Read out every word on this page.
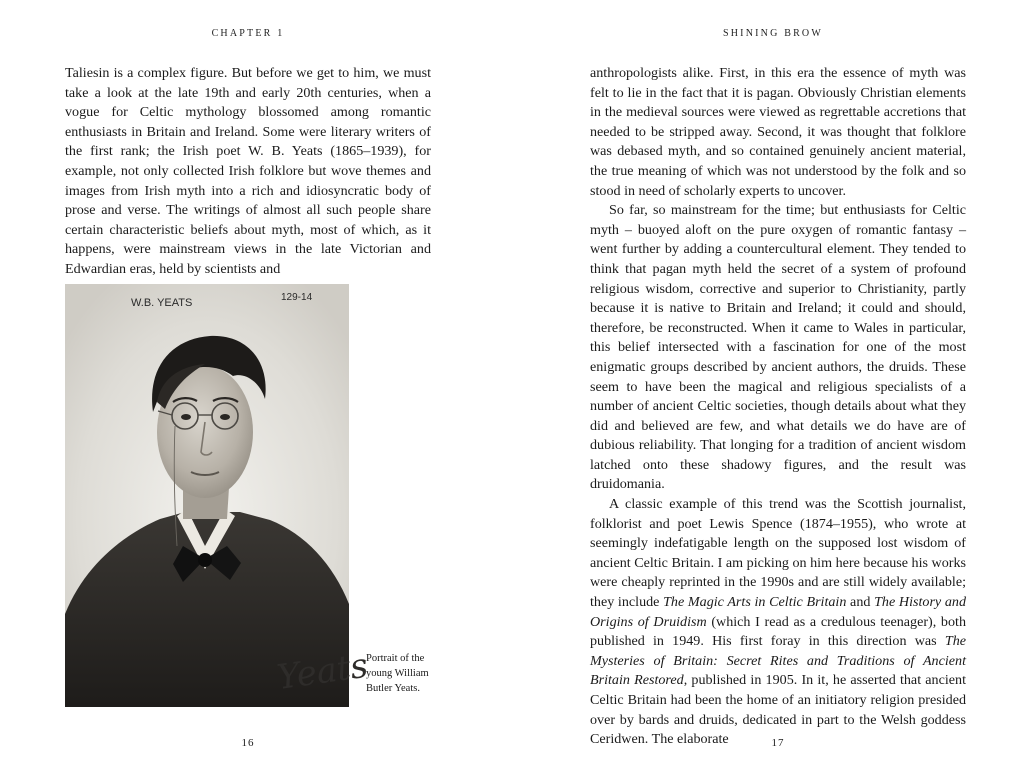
CHAPTER 1

Taliesin is a complex figure. But before we get to him, we must take a look at the late 19th and early 20th centuries, when a vogue for Celtic mythology blossomed among romantic enthusiasts in Britain and Ireland. Some were literary writers of the first rank; the Irish poet W. B. Yeats (1865–1939), for example, not only collected Irish folklore but wove themes and images from Irish myth into a rich and idiosyncratic body of prose and verse. The writings of almost all such people share certain characteristic beliefs about myth, most of which, as it happens, were mainstream views in the late Victorian and Edwardian eras, held by scientists and

W.B. YEATS	129-14
Yeats
Portrait of the young William Butler Yeats.
16
SHINING BROW

anthropologists alike. First, in this era the essence of myth was felt to lie in the fact that it is pagan. Obviously Christian elements in the medieval sources were viewed as regrettable accretions that needed to be stripped away. Second, it was thought that folklore was debased myth, and so contained genuinely ancient material, the true meaning of which was not understood by the folk and so stood in need of scholarly experts to uncover.

So far, so mainstream for the time; but enthusiasts for Celtic myth – buoyed aloft on the pure oxygen of romantic fantasy – went further by adding a countercultural element. They tended to think that pagan myth held the secret of a system of profound religious wisdom, corrective and superior to Christianity, partly because it is native to Britain and Ireland; it could and should, therefore, be reconstructed. When it came to Wales in particular, this belief intersected with a fascination for one of the most enigmatic groups described by ancient authors, the druids. These seem to have been the magical and religious specialists of a number of ancient Celtic societies, though details about what they did and believed are few, and what details we do have are of dubious reliability. That longing for a tradition of ancient wisdom latched onto these shadowy figures, and the result was druidomania.

A classic example of this trend was the Scottish journalist, folklorist and poet Lewis Spence (1874–1955), who wrote at seemingly indefatigable length on the supposed lost wisdom of ancient Celtic Britain. I am picking on him here because his works were cheaply reprinted in the 1990s and are still widely available; they include The Magic Arts in Celtic Britain and The History and Origins of Druidism (which I read as a credulous teenager), both published in 1949. His first foray in this direction was The Mysteries of Britain: Secret Rites and Traditions of Ancient Britain Restored, published in 1905. In it, he asserted that ancient Celtic Britain had been the home of an initiatory religion presided over by bards and druids, dedicated in part to the Welsh goddess Ceridwen. The elaborate	17
